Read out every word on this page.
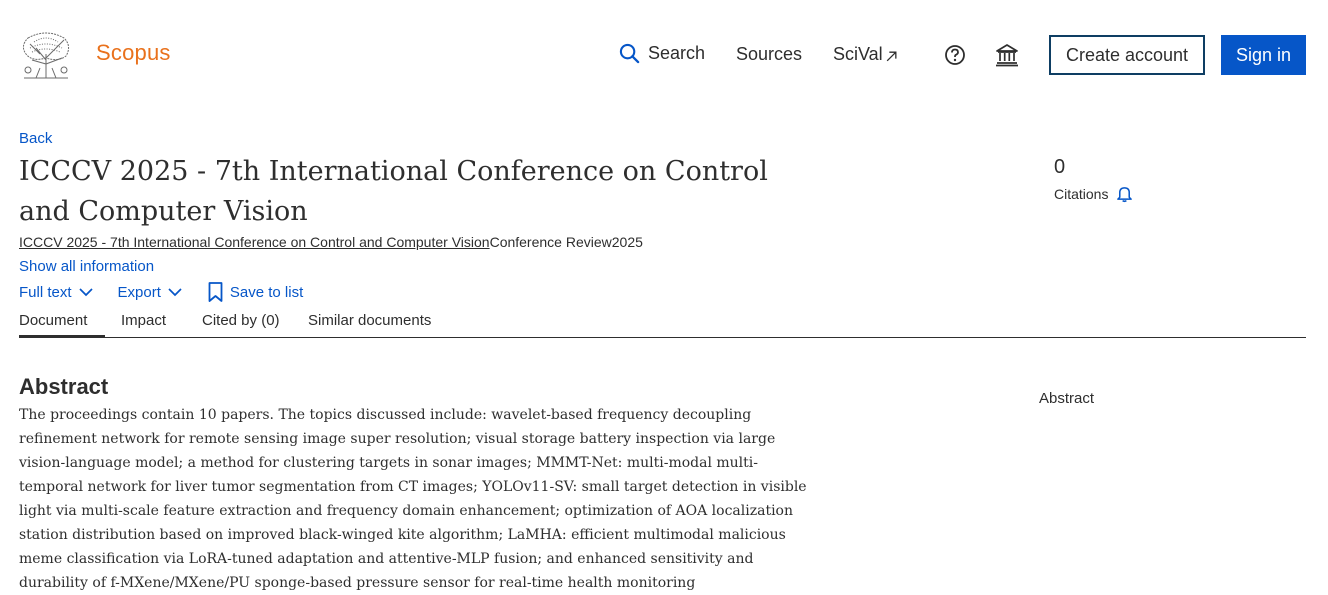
Scopus	Search Sources SciVal	Create account	Sign in
Back
ICCCV 2025 - 7th International Conference on Control and Computer Vision
ICCCV 2025 - 7th International Conference on Control and Computer VisionConference Review2025
Show all information
0
Citations
Full text	Export	Save to list
Document	Impact Cited by (0) Similar documents
Abstract

The proceedings contain 10 papers. The topics discussed include: wavelet-based frequency decoupling refinement network for remote sensing image super resolution; visual storage battery inspection via large vision-language model; a method for clustering targets in sonar images; MMMT-Net: multi-modal multi-temporal network for liver tumor segmentation from CT images; YOLOv11-SV: small target detection in visible light via multi-scale feature extraction and frequency domain enhancement; optimization of AOA localization station distribution based on improved black-winged kite algorithm; LaMHA: efficient multimodal malicious meme classification via LoRA-tuned adaptation and attentive-MLP fusion; and enhanced sensitivity and durability of f-MXene/MXene/PU sponge-based pressure sensor for real-time health monitoring

Abstract
